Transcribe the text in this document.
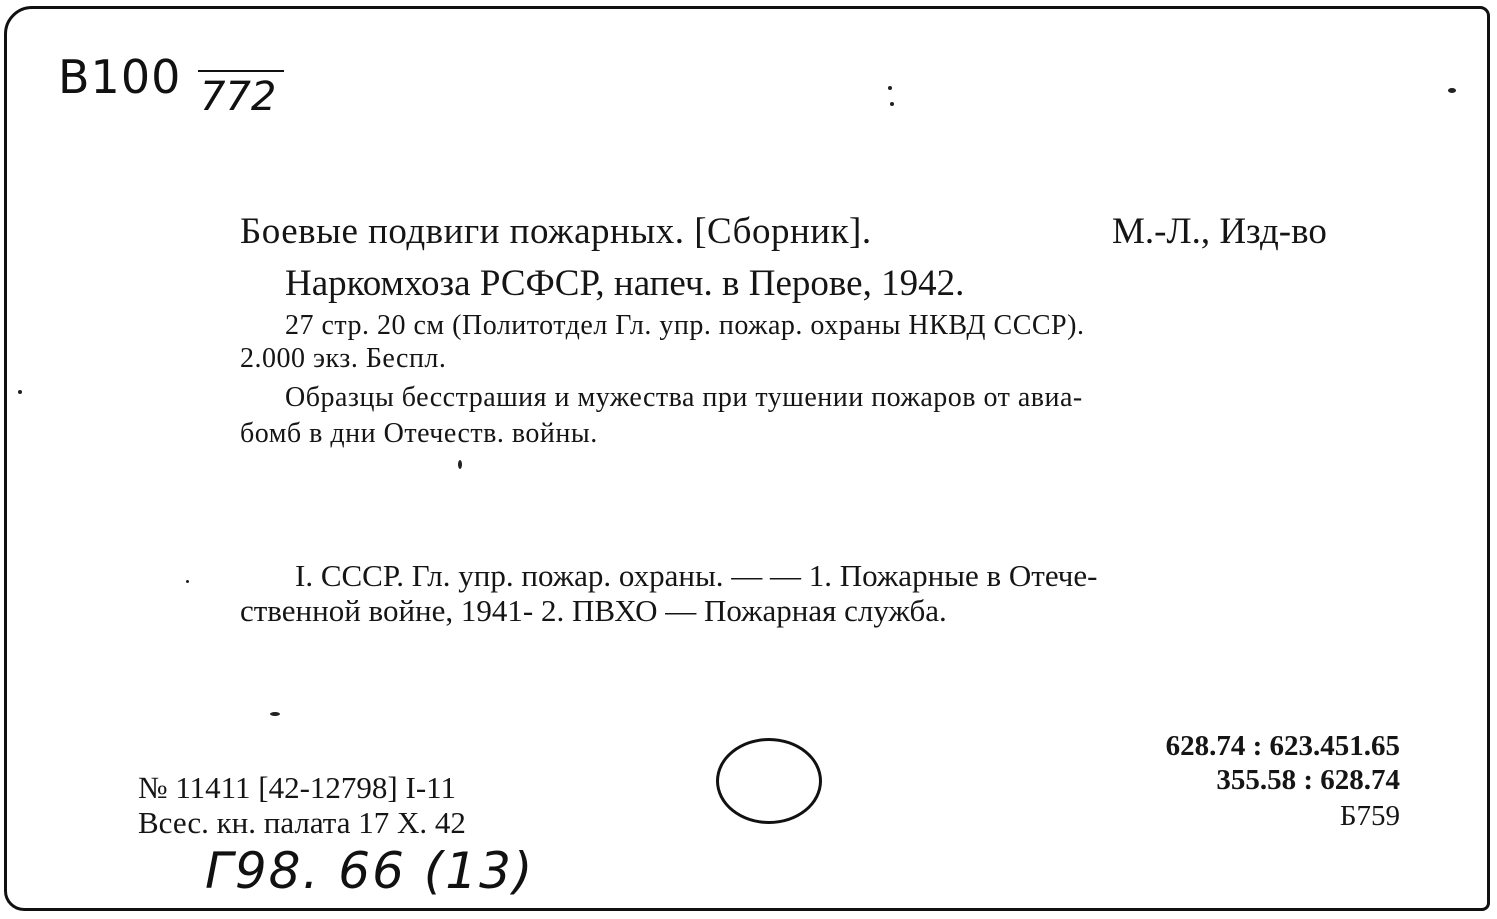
B100 772
Боевые подвиги пожарных. [Сборник].	М.-Л., Изд-во
Наркомхоза РСФСР, напеч. в Перове, 1942.
27 стр. 20 см (Политотдел Гл. упр. пожар. охраны НКВД СССР).
2.000 экз. Беспл.
Образцы бесстрашия и мужества при тушении пожаров от авиа-
бомб в дни Отечеств. войны.
I. СССР. Гл. упр. пожар. охраны. — — 1. Пожарные в Отече-
ственной войне, 1941- 2. ПВХО — Пожарная служба.
№ 11411 [42-12798] I-11
Всес. кн. палата 17 X. 42
628.74 : 623.451.65
355.58 : 628.74
Б759
Г98. 66 (13)
